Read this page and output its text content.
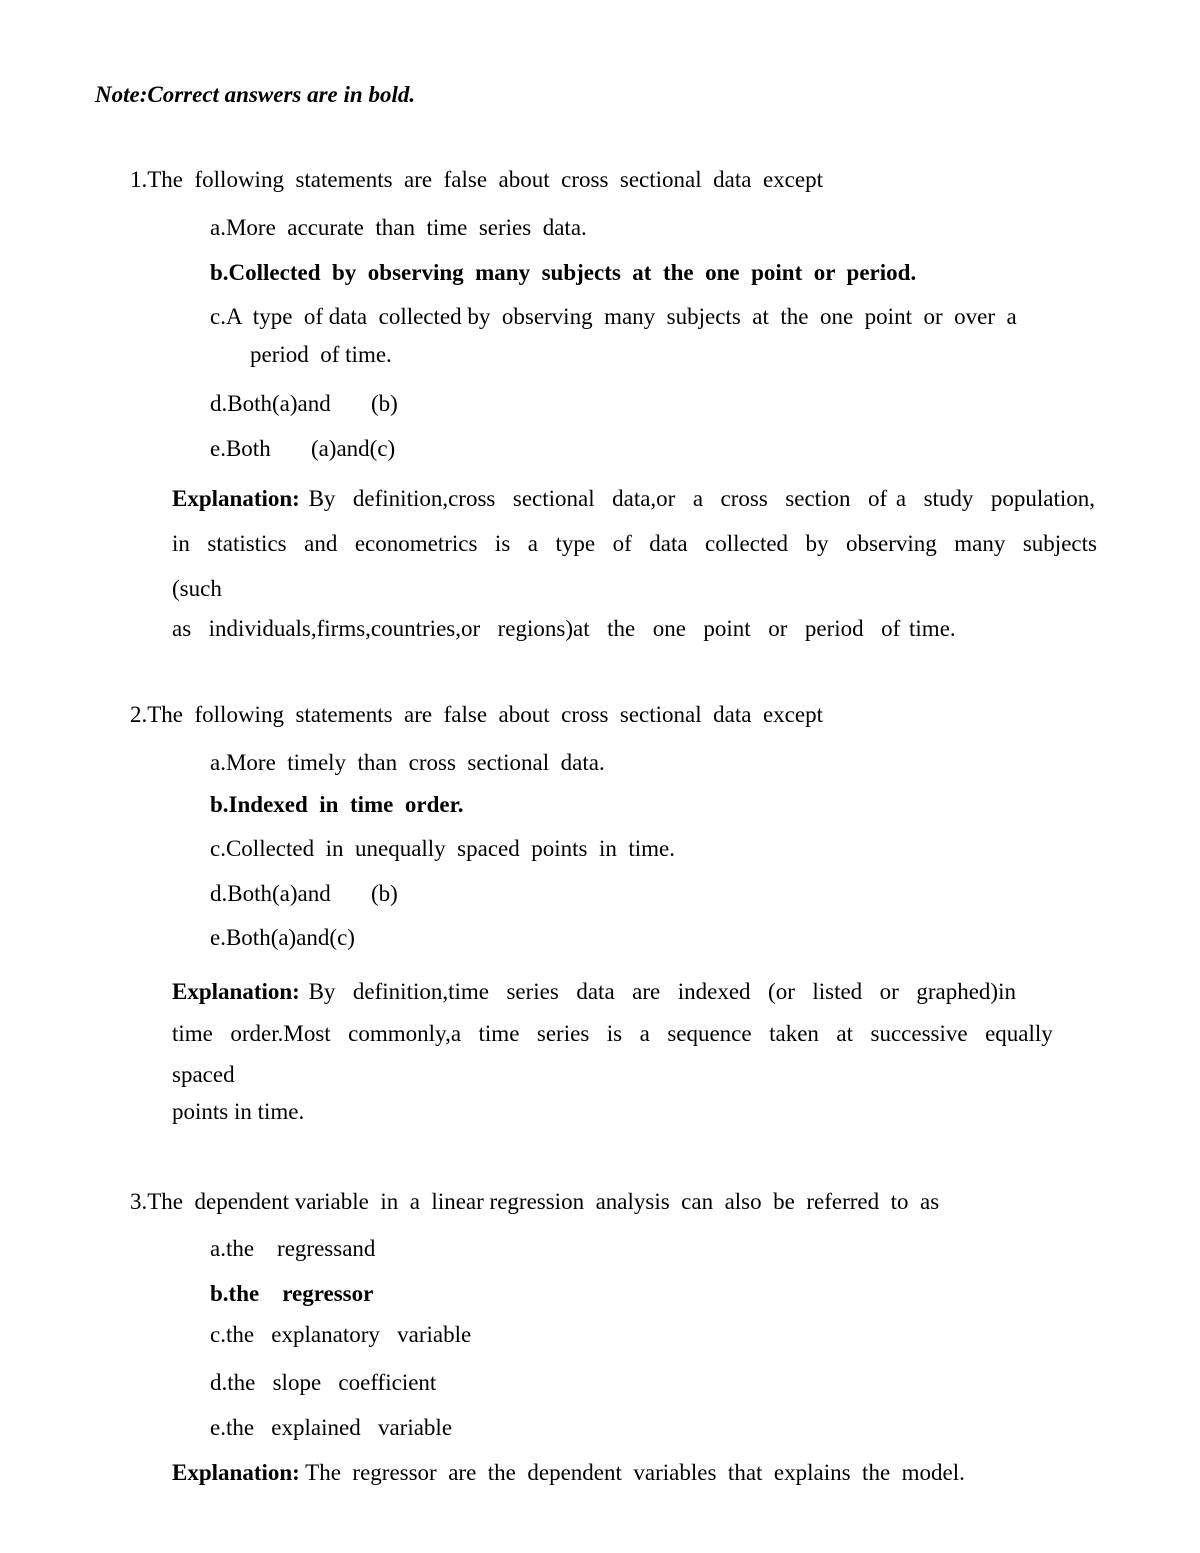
Note:Correct answers are in bold.
1.The  following  statements  are  false  about  cross  sectional  data  except
a.More  accurate  than  time  series  data.
b.Collected  by  observing  many  subjects  at  the  one  point  or  period.
c.A  type  of data  collected by  observing  many  subjects  at  the  one  point  or  over  a
period  of time.
d.Both(a)and       (b)
e.Both       (a)and(c)
Explanation: By  definition,cross  sectional  data,or  a  cross  section  of a  study  population,
in  statistics  and  econometrics  is  a  type  of  data  collected  by  observing  many  subjects
(such
as  individuals,firms,countries,or  regions)at  the  one  point  or  period  of time.
2.The  following  statements  are  false  about  cross  sectional  data  except
a.More  timely  than  cross  sectional  data.
b.Indexed  in  time  order.
c.Collected  in  unequally  spaced  points  in  time.
d.Both(a)and       (b)
e.Both(a)and(c)
Explanation: By  definition,time  series  data  are  indexed  (or  listed  or  graphed)in
time  order.Most  commonly,a  time  series  is  a  sequence  taken  at  successive  equally
spaced
points in time.
3.The  dependent variable  in  a  linear regression  analysis  can  also  be  referred  to  as
a.the    regressand
b.the    regressor
c.the   explanatory   variable
d.the   slope   coefficient
e.the   explained   variable
Explanation: The  regressor  are  the  dependent  variables  that  explains  the  model.
